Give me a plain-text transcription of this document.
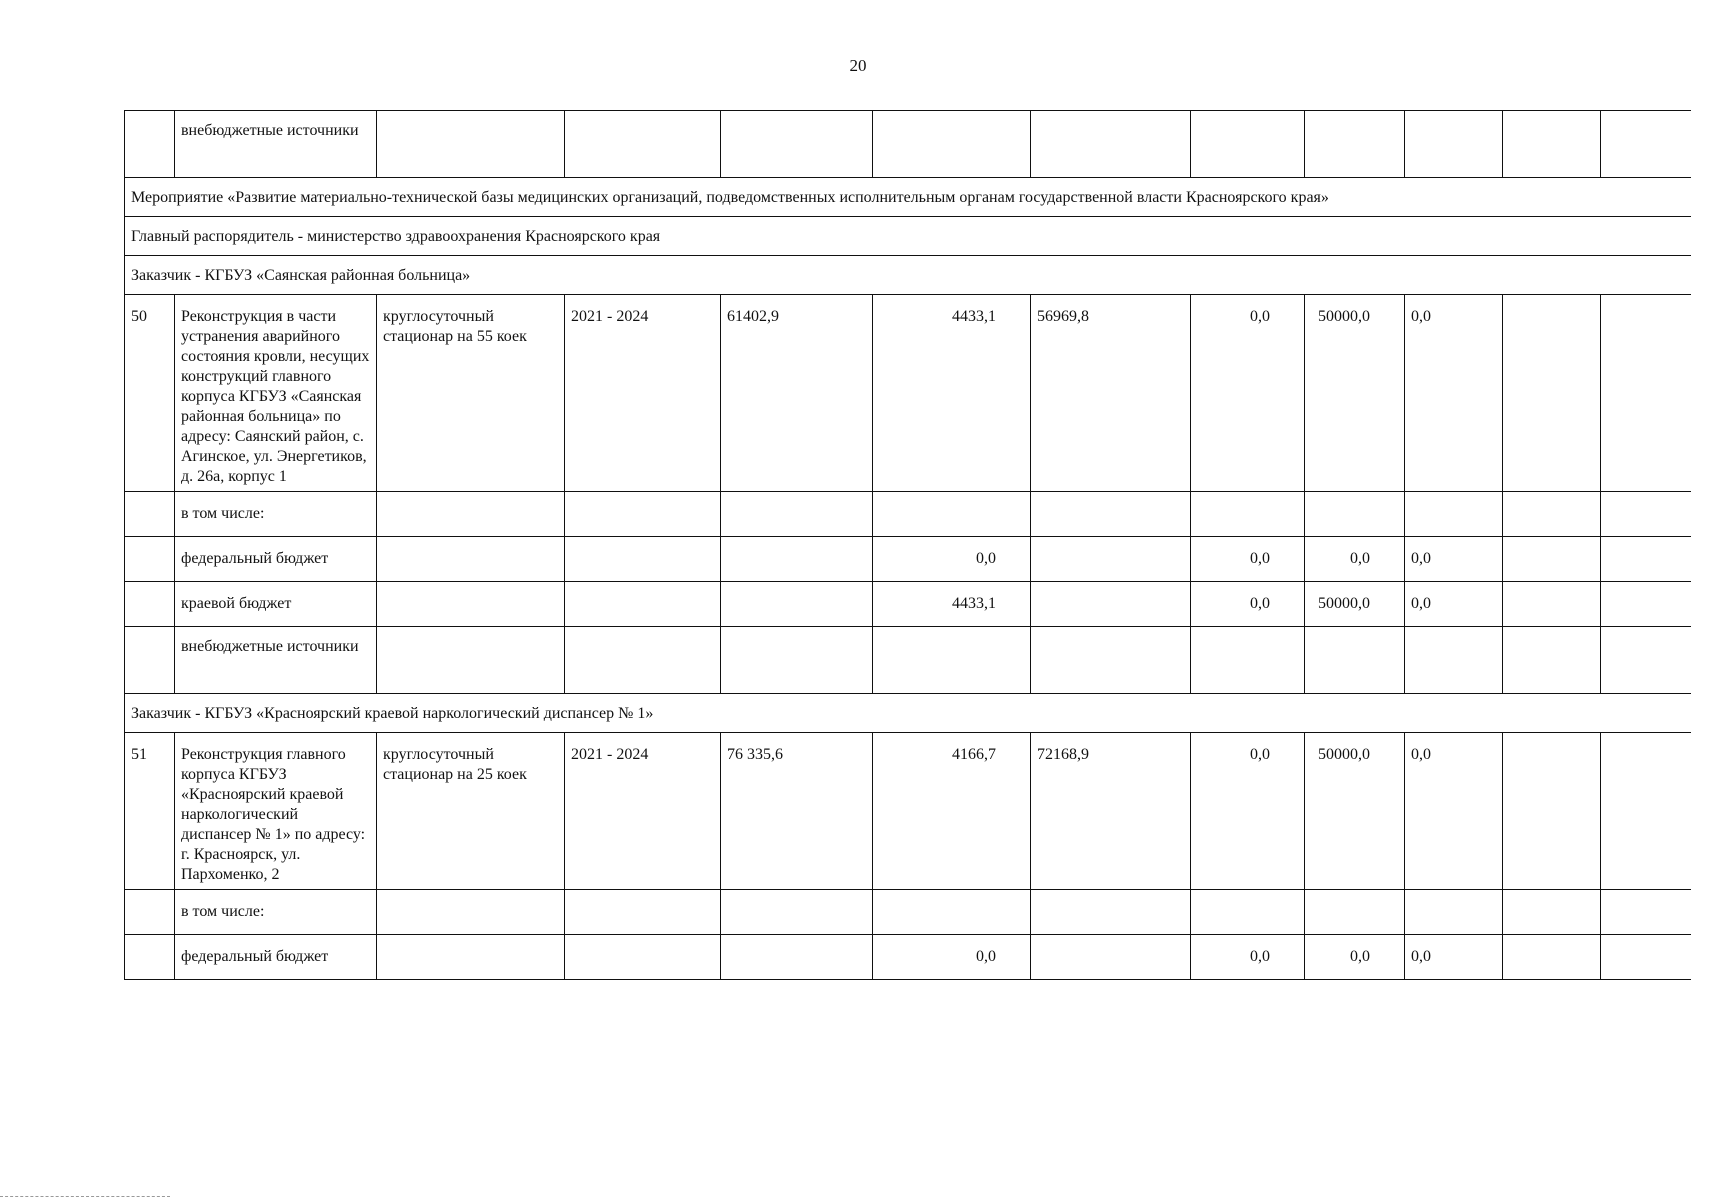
20
	внебюджетные источники										
Мероприятие «Развитие материально-технической базы медицинских организаций, подведомственных исполнительным органам государственной власти Красноярского края»											
Главный распорядитель - министерство здравоохранения Красноярского края											
Заказчик - КГБУЗ «Саянская районная больница»											
50	Реконструкция в части устранения аварийного состояния кровли, несущих конструкций главного корпуса КГБУЗ «Саянская районная больница» по адресу: Саянский район, с. Агинское, ул. Энергетиков, д. 26а, корпус 1	круглосуточный стационар на 55 коек	2021 - 2024	61402,9	4433,1	56969,8	0,0	50000,0	0,0		
	в том числе:										
	федеральный бюджет				0,0		0,0	0,0	0,0		
	краевой бюджет				4433,1		0,0	50000,0	0,0		
	внебюджетные источники										
Заказчик - КГБУЗ «Красноярский краевой наркологический диспансер № 1»											
51	Реконструкция главного корпуса КГБУЗ «Красноярский краевой наркологический диспансер № 1» по адресу: г. Красноярск, ул. Пархоменко, 2	круглосуточный стационар на 25 коек	2021 - 2024	76 335,6	4166,7	72168,9	0,0	50000,0	0,0		
	в том числе:										
	федеральный бюджет				0,0		0,0	0,0	0,0		
